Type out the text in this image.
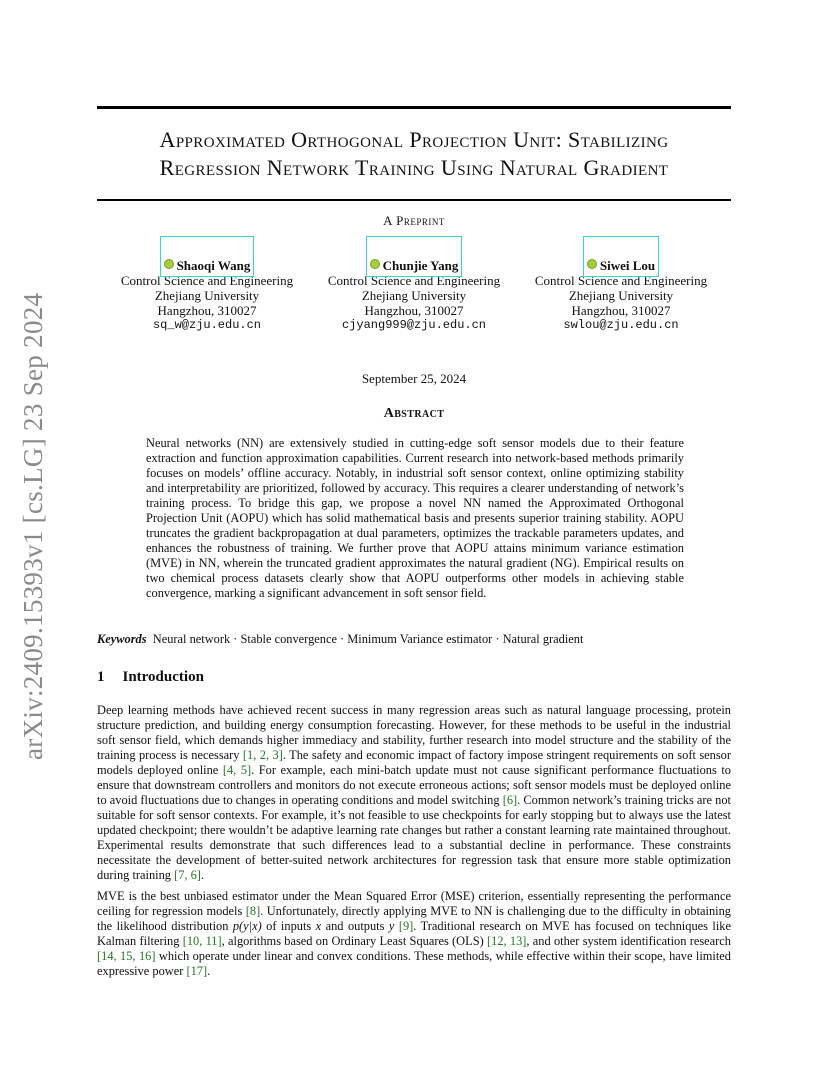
arXiv:2409.15393v1 [cs.LG] 23 Sep 2024
Approximated Orthogonal Projection Unit: Stabilizing
Regression Network Training Using Natural Gradient
A Preprint
Shaoqi Wang
Control Science and Engineering
Zhejiang University
Hangzhou, 310027
sq_w@zju.edu.cn
Chunjie Yang
Control Science and Engineering
Zhejiang University
Hangzhou, 310027
cjyang999@zju.edu.cn
Siwei Lou
Control Science and Engineering
Zhejiang University
Hangzhou, 310027
swlou@zju.edu.cn
September 25, 2024
Abstract
Neural networks (NN) are extensively studied in cutting-edge soft sensor models due to their feature extraction and function approximation capabilities. Current research into network-based methods primarily focuses on models’ offline accuracy. Notably, in industrial soft sensor context, online optimizing stability and interpretability are prioritized, followed by accuracy. This requires a clearer understanding of network’s training process. To bridge this gap, we propose a novel NN named the Approximated Orthogonal Projection Unit (AOPU) which has solid mathematical basis and presents superior training stability. AOPU truncates the gradient backpropagation at dual parameters, optimizes the trackable parameters updates, and enhances the robustness of training. We further prove that AOPU attains minimum variance estimation (MVE) in NN, wherein the truncated gradient approximates the natural gradient (NG). Empirical results on two chemical process datasets clearly show that AOPU outperforms other models in achieving stable convergence, marking a significant advancement in soft sensor field.
Keywords Neural network · Stable convergence · Minimum Variance estimator · Natural gradient
1 Introduction
Deep learning methods have achieved recent success in many regression areas such as natural language processing, protein structure prediction, and building energy consumption forecasting. However, for these methods to be useful in the industrial soft sensor field, which demands higher immediacy and stability, further research into model structure and the stability of the training process is necessary [1, 2, 3]. The safety and economic impact of factory impose stringent requirements on soft sensor models deployed online [4, 5]. For example, each mini-batch update must not cause significant performance fluctuations to ensure that downstream controllers and monitors do not execute erroneous actions; soft sensor models must be deployed online to avoid fluctuations due to changes in operating conditions and model switching [6]. Common network’s training tricks are not suitable for soft sensor contexts. For example, it’s not feasible to use checkpoints for early stopping but to always use the latest updated checkpoint; there wouldn’t be adaptive learning rate changes but rather a constant learning rate maintained throughout. Experimental results demonstrate that such differences lead to a substantial decline in performance. These constraints necessitate the development of better-suited network architectures for regression task that ensure more stable optimization during training [7, 6].
MVE is the best unbiased estimator under the Mean Squared Error (MSE) criterion, essentially representing the performance ceiling for regression models [8]. Unfortunately, directly applying MVE to NN is challenging due to the difficulty in obtaining the likelihood distribution p(y|x) of inputs x and outputs y [9]. Traditional research on MVE has focused on techniques like Kalman filtering [10, 11], algorithms based on Ordinary Least Squares (OLS) [12, 13], and other system identification research [14, 15, 16] which operate under linear and convex conditions. These methods, while effective within their scope, have limited expressive power [17].
